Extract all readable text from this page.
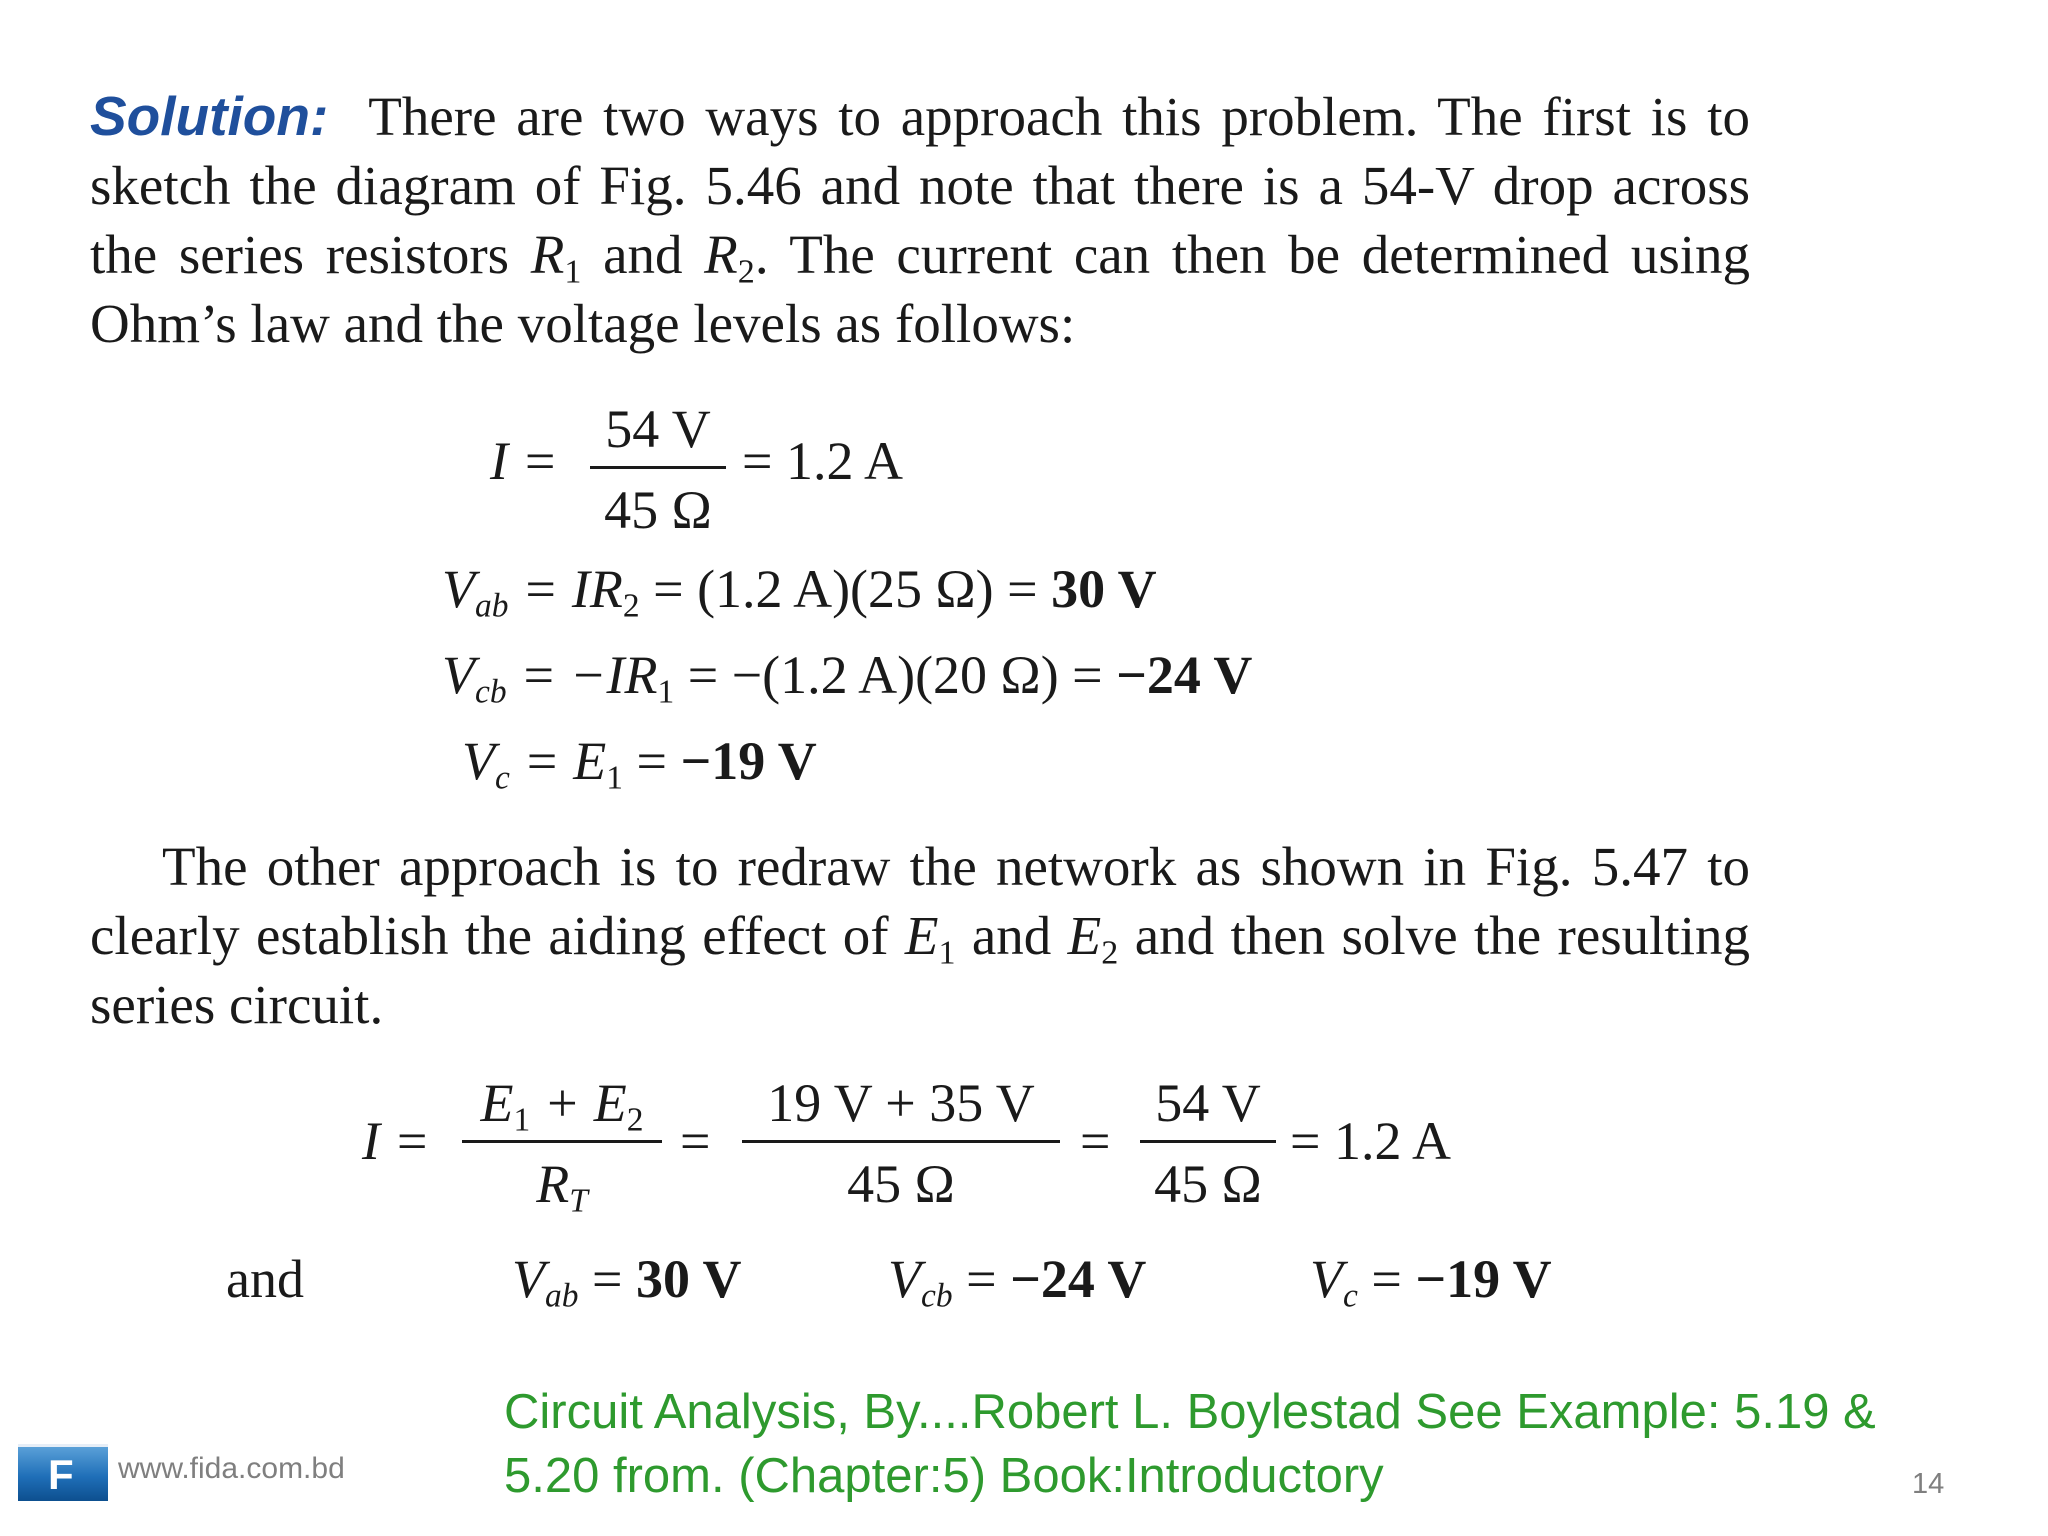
Solution: There are two ways to approach this problem. The first is to sketch the diagram of Fig. 5.46 and note that there is a 54-V drop across the series resistors $R_1$ and $R_2$. The current can then be determined using Ohm’s law and the voltage levels as follows:
I =
54 V
45 Ω
= 1.2 A
$V_{ab} = IR_2 = (1.2$ A)(25 Ω) = 30 V
$V_{cb} = -IR_1 = -(1.2$ A)(20 Ω) = −24 V
$V_c = E_1 = -19$ V
The other approach is to redraw the network as shown in Fig. 5.47 to clearly establish the aiding effect of $E_1$ and $E_2$ and then solve the resulting series circuit.
I =
$E_1 + E_2$
$R_T$
=
19 V + 35 V
45 Ω
=
54 V
45 Ω
= 1.2 A
and	$V_{ab} = 30$ V	$V_{cb} = -24$ V	$V_c = -19$ V
F www.fida.com.bd
Circuit Analysis, By....Robert L. Boylestad See Example: 5.19 & 5.20 from. (Chapter:5) Book:Introductory	14
